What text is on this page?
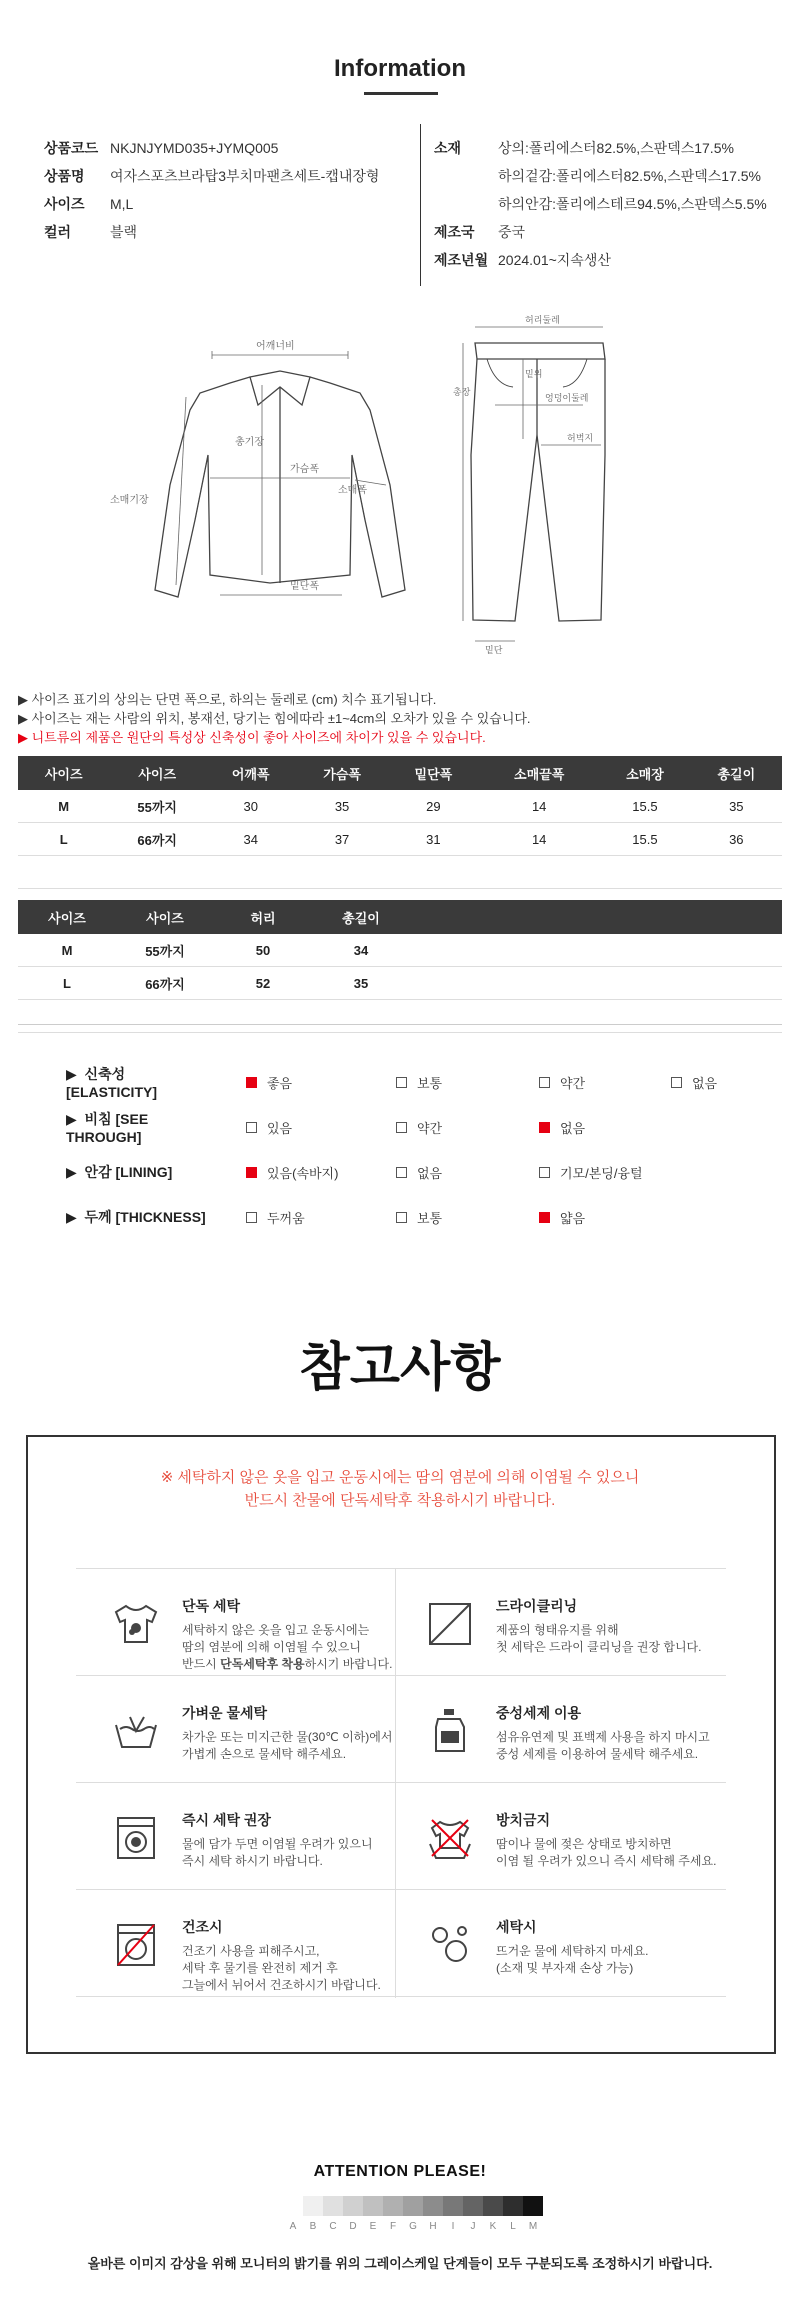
Information
상품코드 NKJNJYMD035+JYMQ005
상품명	여자스포츠브라탑3부치마팬츠세트-캡내장형
사이즈	M,L
컬러	블랙
소재	상의:폴리에스터82.5%,스판덱스17.5%
하의겉감:폴리에스터82.5%,스판덱스17.5%
하의안감:폴리에스테르94.5%,스판덱스5.5%
제조국	중국
제조년월 2024.01~지속생산
어깨너비
총기장
가슴폭
소매기장
소매폭
밑단폭
허리둘레
총장
밑위
엉덩이둘레
허벅지
밑단
▶ 사이즈 표기의 상의는 단면 폭으로, 하의는 둘레로 (cm) 치수 표기됩니다.
▶ 사이즈는 재는 사람의 위치, 봉재선, 당기는 힘에따라 ±1~4cm의 오차가 있을 수 있습니다.
▶ 니트류의 제품은 원단의 특성상 신축성이 좋아 사이즈에 차이가 있을 수 있습니다.
사이즈	사이즈	어깨폭	가슴폭	밑단폭	소매끝폭	소매장	총길이
M	55까지	30	35	29	14	15.5	35
L	66까지	34	37	31	14	15.5	36

사이즈	사이즈	허리	총길이				
M	55까지	50	34				
L	66까지	52	35				

▶  신축성 [ELASTICITY]
좋음	보통	약간	없음
▶  비침 [SEE THROUGH]
있음	약간	없음
▶  안감 [LINING]	있음(속바지)	없음	기모/본딩/융털
▶  두께 [THICKNESS]	두꺼움	보통	얇음
참고사항
※ 세탁하지 않은 옷을 입고 운동시에는 땀의 염분에 의해 이염될 수 있으니
반드시 찬물에 단독세탁후 착용하시기 바랍니다.
단독 세탁
세탁하지 않은 옷을 입고 운동시에는
땀의 염분에 의해 이염될 수 있으니
반드시 단독세탁후 착용하시기 바랍니다.
드라이클리닝
제품의 형태유지를 위해
첫 세탁은 드라이 클리닝을 권장 합니다.
가벼운 물세탁
차가운 또는 미지근한 물(30℃ 이하)에서
가볍게 손으로 물세탁 해주세요.
중성세제 이용
섬유유연제 및 표백제 사용을 하지 마시고
중성 세제를 이용하여 물세탁 해주세요.
즉시 세탁 권장
물에 담가 두면 이염될 우려가 있으니
즉시 세탁 하시기 바랍니다.
방치금지
땀이나 물에 젖은 상태로 방치하면
이염 될 우려가 있으니 즉시 세탁해 주세요.
건조시
건조기 사용을 피해주시고,
세탁 후 물기를 완전히 제거 후
그늘에서 뉘어서 건조하시기 바랍니다.
세탁시
뜨거운 물에 세탁하지 마세요.
(소재 및 부자재 손상 가능)
ATTENTION PLEASE!
A	B	C	D	E	F	G	H	I	J	K	L	M
올바른 이미지 감상을 위해 모니터의 밝기를 위의 그레이스케일 단계들이 모두 구분되도록 조정하시기 바랍니다.
